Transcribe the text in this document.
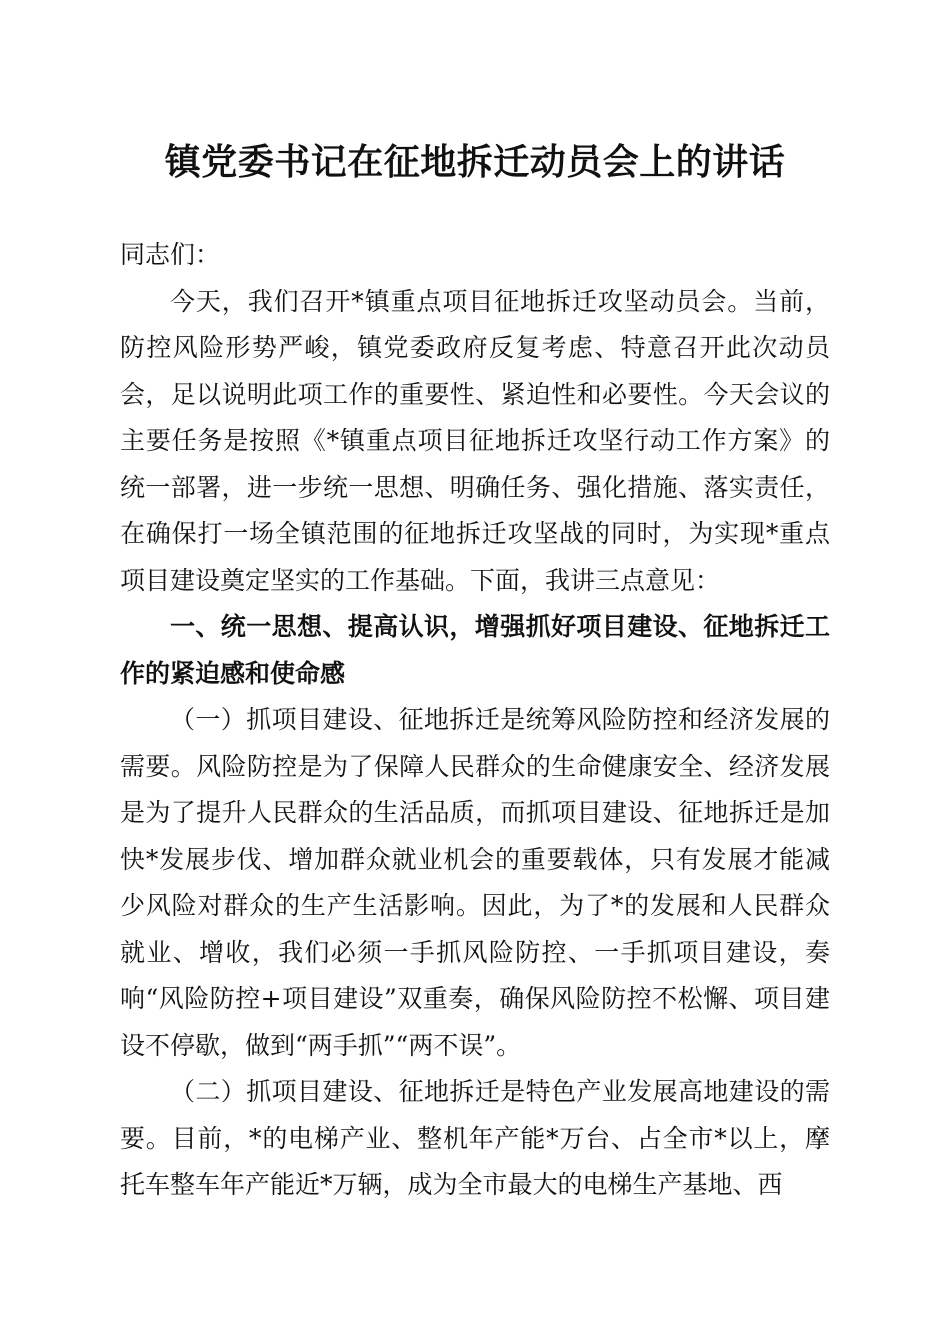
镇党委书记在征地拆迁动员会上的讲话

同志们：

今天，我们召开*镇重点项目征地拆迁攻坚动员会。当前，防控风险形势严峻，镇党委政府反复考虑、特意召开此次动员会，足以说明此项工作的重要性、紧迫性和必要性。今天会议的主要任务是按照《*镇重点项目征地拆迁攻坚行动工作方案》的统一部署，进一步统一思想、明确任务、强化措施、落实责任，在确保打一场全镇范围的征地拆迁攻坚战的同时，为实现*重点项目建设奠定坚实的工作基础。下面，我讲三点意见：

一、统一思想、提高认识，增强抓好项目建设、征地拆迁工作的紧迫感和使命感

（一）抓项目建设、征地拆迁是统筹风险防控和经济发展的需要。风险防控是为了保障人民群众的生命健康安全、经济发展是为了提升人民群众的生活品质，而抓项目建设、征地拆迁是加快*发展步伐、增加群众就业机会的重要载体，只有发展才能减少风险对群众的生产生活影响。因此，为了*的发展和人民群众就业、增收，我们必须一手抓风险防控、一手抓项目建设，奏响“风险防控+项目建设”双重奏，确保风险防控不松懈、项目建设不停歇，做到“两手抓”“两不误”。

（二）抓项目建设、征地拆迁是特色产业发展高地建设的需要。目前，*的电梯产业、整机年产能*万台、占全市*以上，摩托车整车年产能近*万辆，成为全市最大的电梯生产基地、西
